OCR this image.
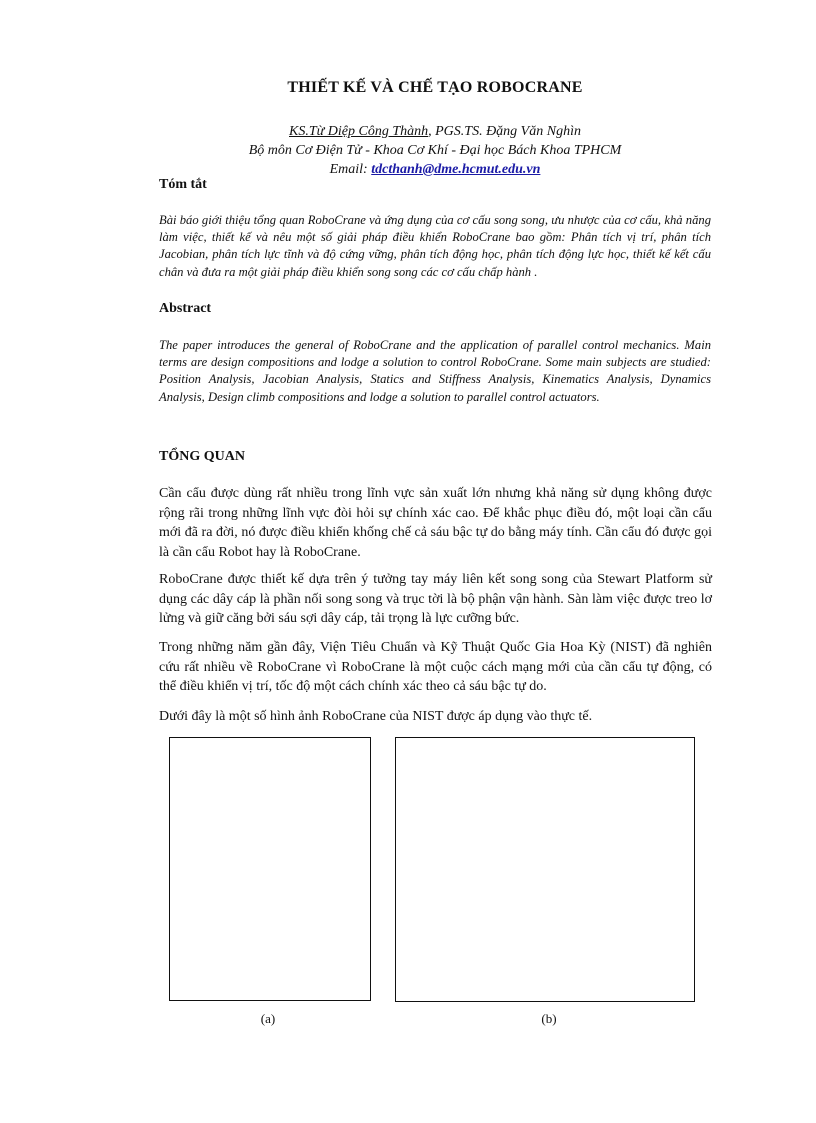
THIẾT KẾ VÀ CHẾ TẠO ROBOCRANE
KS.Từ Diệp Công Thành, PGS.TS. Đặng Văn Nghìn
Bộ môn Cơ Điện Tử - Khoa Cơ Khí - Đại học Bách Khoa TPHCM
Email: tdcthanh@dme.hcmut.edu.vn
Tóm tắt

Bài báo giới thiệu tổng quan RoboCrane và ứng dụng của cơ cấu song song, ưu nhược của cơ cấu, khả năng làm việc, thiết kế và nêu một số giải pháp điều khiển RoboCrane bao gồm: Phân tích vị trí, phân tích Jacobian, phân tích lực tĩnh và độ cứng vững, phân tích động học, phân tích động lực học, thiết kế kết cấu chân và đưa ra một giải pháp điều khiển song song các cơ cấu chấp hành .

Abstract

The paper introduces the general of RoboCrane and the application of parallel control mechanics. Main terms are design compositions and lodge a solution to control RoboCrane. Some main subjects are studied: Position Analysis, Jacobian Analysis, Statics and Stiffness Analysis, Kinematics Analysis, Dynamics Analysis, Design climb compositions and lodge a solution to parallel control actuators.

TỔNG QUAN

Cần cẩu được dùng rất nhiều trong lĩnh vực sản xuất lớn nhưng khả năng sử dụng không được rộng rãi trong những lĩnh vực đòi hỏi sự chính xác cao. Để khắc phục điều đó, một loại cần cẩu mới đã ra đời, nó được điều khiển khống chế cả sáu bậc tự do bằng máy tính. Cần cẩu đó được gọi là cần cẩu Robot hay là RoboCrane.

RoboCrane được thiết kế dựa trên ý tưởng tay máy liên kết song song của Stewart Platform sử dụng các dây cáp là phần nối song song và trục tời là bộ phận vận hành. Sàn làm việc được treo lơ lửng và giữ căng bởi sáu sợi dây cáp, tải trọng là lực cưỡng bức.

Trong những năm gần đây, Viện Tiêu Chuẩn và Kỹ Thuật Quốc Gia Hoa Kỳ (NIST) đã nghiên cứu rất nhiều về RoboCrane vì RoboCrane là một cuộc cách mạng mới của cần cẩu tự động, có thể điều khiển vị trí, tốc độ một cách chính xác theo cả sáu bậc tự do.

Dưới đây là một số hình ảnh RoboCrane của NIST được áp dụng vào thực tế.

(a)	(b)
